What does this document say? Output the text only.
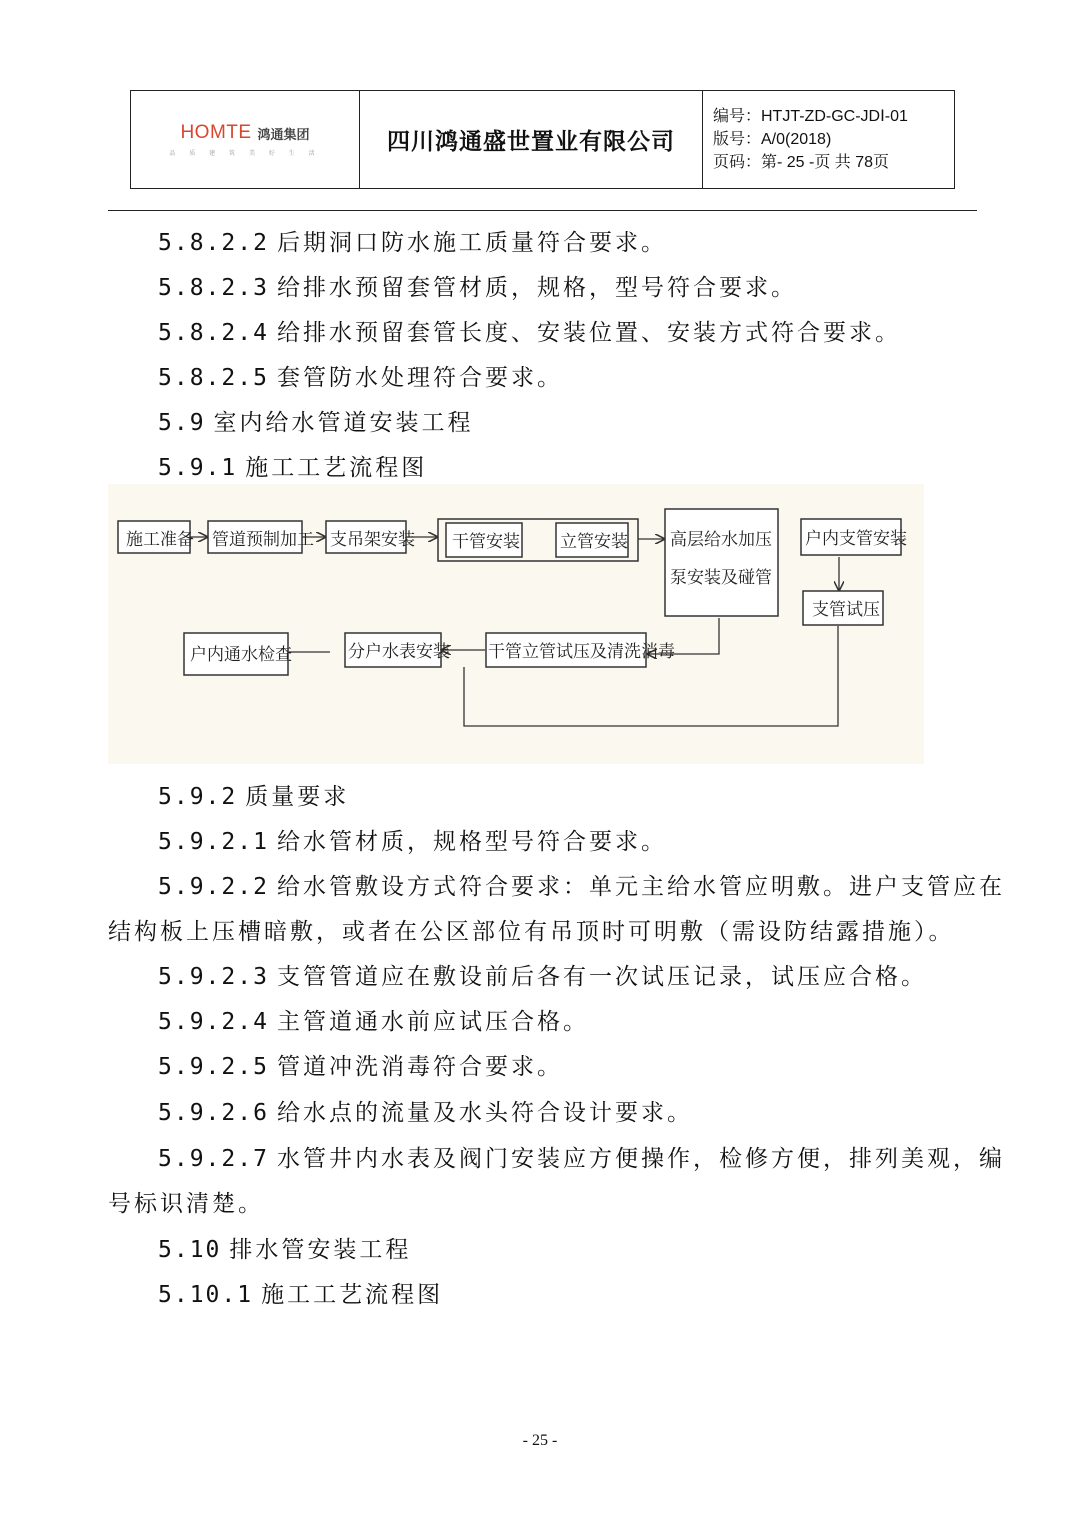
HOMTE 鸿通集团
品 质 建 筑 美 好 生 活	四川鸿通盛世置业有限公司
编号：HTJT-ZD-GC-JDⅠ-01
版号：A/0(2018)
页码：第- 25 -页 共 78页
5.8.2.2 后期洞口防水施工质量符合要求。
5.8.2.3 给排水预留套管材质，规格，型号符合要求。
5.8.2.4 给排水预留套管长度、安装位置、安装方式符合要求。
5.8.2.5 套管防水处理符合要求。
5.9 室内给水管道安装工程
5.9.1 施工工艺流程图
施工准备 管道预制加工 支吊架安装 干管安装 立管安装 高层给水加压
泵安装及碰管
户内支管安装
支管试压
干管立管试压及清洗消毒
分户水表安装
户内通水检查
5.9.2 质量要求
5.9.2.1 给水管材质，规格型号符合要求。
5.9.2.2 给水管敷设方式符合要求：单元主给水管应明敷。进户支管应在
结构板上压槽暗敷，或者在公区部位有吊顶时可明敷（需设防结露措施）。
5.9.2.3 支管管道应在敷设前后各有一次试压记录，试压应合格。
5.9.2.4 主管道通水前应试压合格。
5.9.2.5 管道冲洗消毒符合要求。
5.9.2.6 给水点的流量及水头符合设计要求。
5.9.2.7 水管井内水表及阀门安装应方便操作，检修方便，排列美观，编
号标识清楚。
5.10 排水管安装工程
5.10.1 施工工艺流程图
- 25 -
